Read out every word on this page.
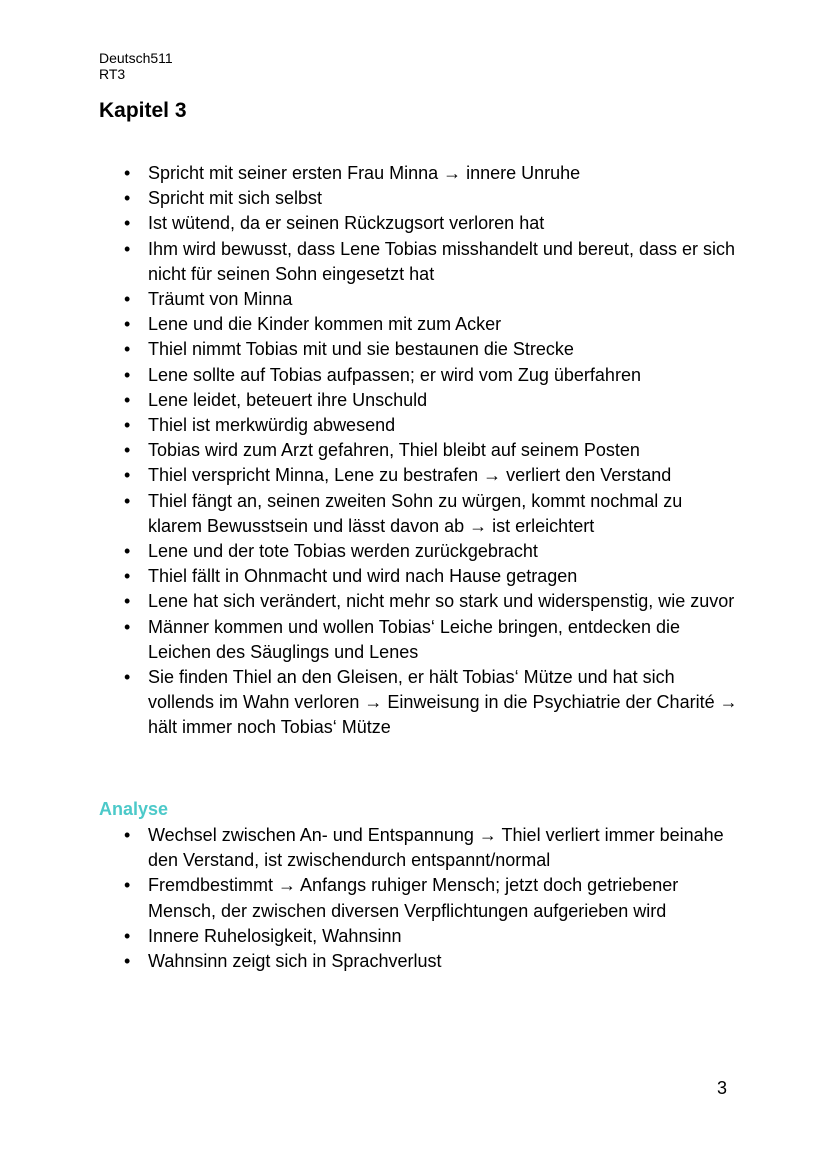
Deutsch511
RT3
Kapitel 3
• Spricht mit seiner ersten Frau Minna → innere Unruhe
• Spricht mit sich selbst
• Ist wütend, da er seinen Rückzugsort verloren hat
• Ihm wird bewusst, dass Lene Tobias misshandelt und bereut, dass er sich nicht für seinen Sohn eingesetzt hat
• Träumt von Minna
• Lene und die Kinder kommen mit zum Acker
• Thiel nimmt Tobias mit und sie bestaunen die Strecke
• Lene sollte auf Tobias aufpassen; er wird vom Zug überfahren
• Lene leidet, beteuert ihre Unschuld
• Thiel ist merkwürdig abwesend
• Tobias wird zum Arzt gefahren, Thiel bleibt auf seinem Posten
• Thiel verspricht Minna, Lene zu bestrafen → verliert den Verstand
• Thiel fängt an, seinen zweiten Sohn zu würgen, kommt nochmal zu klarem Bewusstsein und lässt davon ab → ist erleichtert
• Lene und der tote Tobias werden zurückgebracht
• Thiel fällt in Ohnmacht und wird nach Hause getragen
• Lene hat sich verändert, nicht mehr so stark und widerspenstig, wie zuvor
• Männer kommen und wollen Tobias‘ Leiche bringen, entdecken die Leichen des Säuglings und Lenes
• Sie finden Thiel an den Gleisen, er hält Tobias‘ Mütze und hat sich vollends im Wahn verloren → Einweisung in die Psychiatrie der Charité → hält immer noch Tobias‘ Mütze
Analyse
• Wechsel zwischen An- und Entspannung → Thiel verliert immer beinahe den Verstand, ist zwischendurch entspannt/normal
• Fremdbestimmt → Anfangs ruhiger Mensch; jetzt doch getriebener Mensch, der zwischen diversen Verpflichtungen aufgerieben wird
• Innere Ruhelosigkeit, Wahnsinn
• Wahnsinn zeigt sich in Sprachverlust
3
